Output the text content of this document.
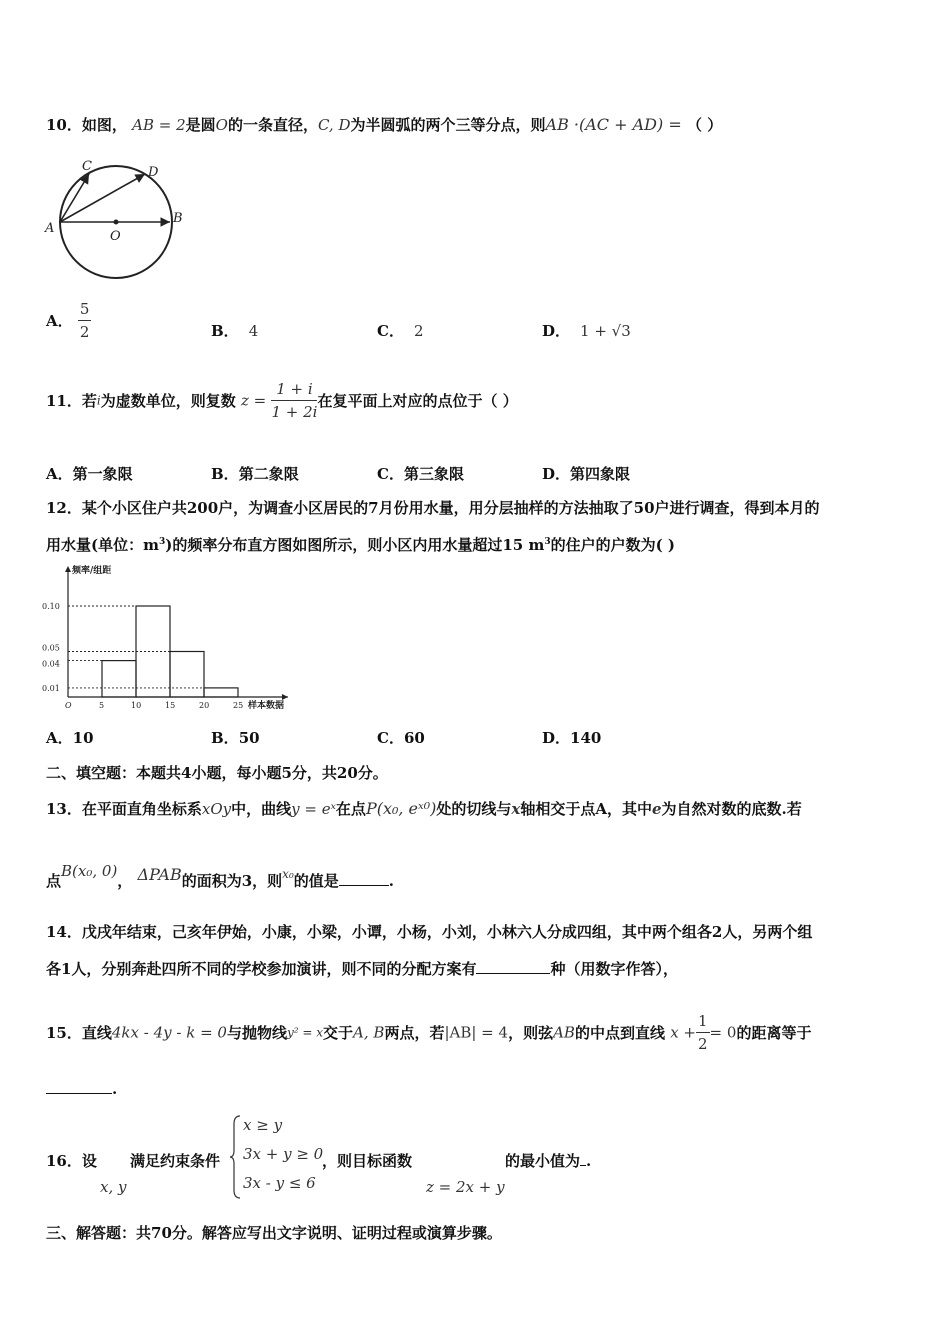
10．如图， AB = 2是圆O的一条直径，C, D为半圆弧的两个三等分点，则AB ·(AC + AD) = （ ）
C	D
A
O
B
A． $\frac{5}{2}$	B． 4	C． 2	D． 1 + √3
11．若i为虚数单位，则复数 $z = \frac{1 + i}{1 + 2i}$ 在复平面上对应的点位于（ ）
A．第一象限	B．第二象限	C．第三象限	D．第四象限
12．某个小区住户共200户，为调查小区居民的7月份用水量，用分层抽样的方法抽取了50户进行调查，得到本月的
用水量(单位：$m^3$)的频率分布直方图如图所示，则小区内用水量超过15 $m^3$的住户的户数为( )
0.10
0.05
0.04
0.01
O	5	10	15	20	25
频率/组距
样本数据
A．10	B．50	C．60	D．140
二、填空题：本题共4小题，每小题5分，共20分。
13．在平面直角坐标系xOy中，曲线y = eˣ在点P(x₀, eˣ⁰)处的切线与x轴相交于点A，其中e为自然对数的底数.若
点B(x₀, 0)， ΔPAB的面积为3，则$^{x_0}$的值是	.
14．戊戌年结束，己亥年伊始，小康，小梁，小谭，小杨，小刘，小林六人分成四组，其中两个组各2人，另两个组
各1人，分别奔赴四所不同的学校参加演讲，则不同的分配方案有	种（用数字作答），
15．直线4kx - 4y - k = 0与抛物线y² = x交于A, B两点，若|AB| = 4，则弦AB的中点到直线 $x + \frac{1}{2} = 0$的距离等于
.
16．设
x, y
满足约束条件
x ≥ y
3x + y ≥ 0
3x - y ≤ 6
，则目标函数
z = 2x + y
的最小值为 .
三、解答题：共70分。解答应写出文字说明、证明过程或演算步骤。
